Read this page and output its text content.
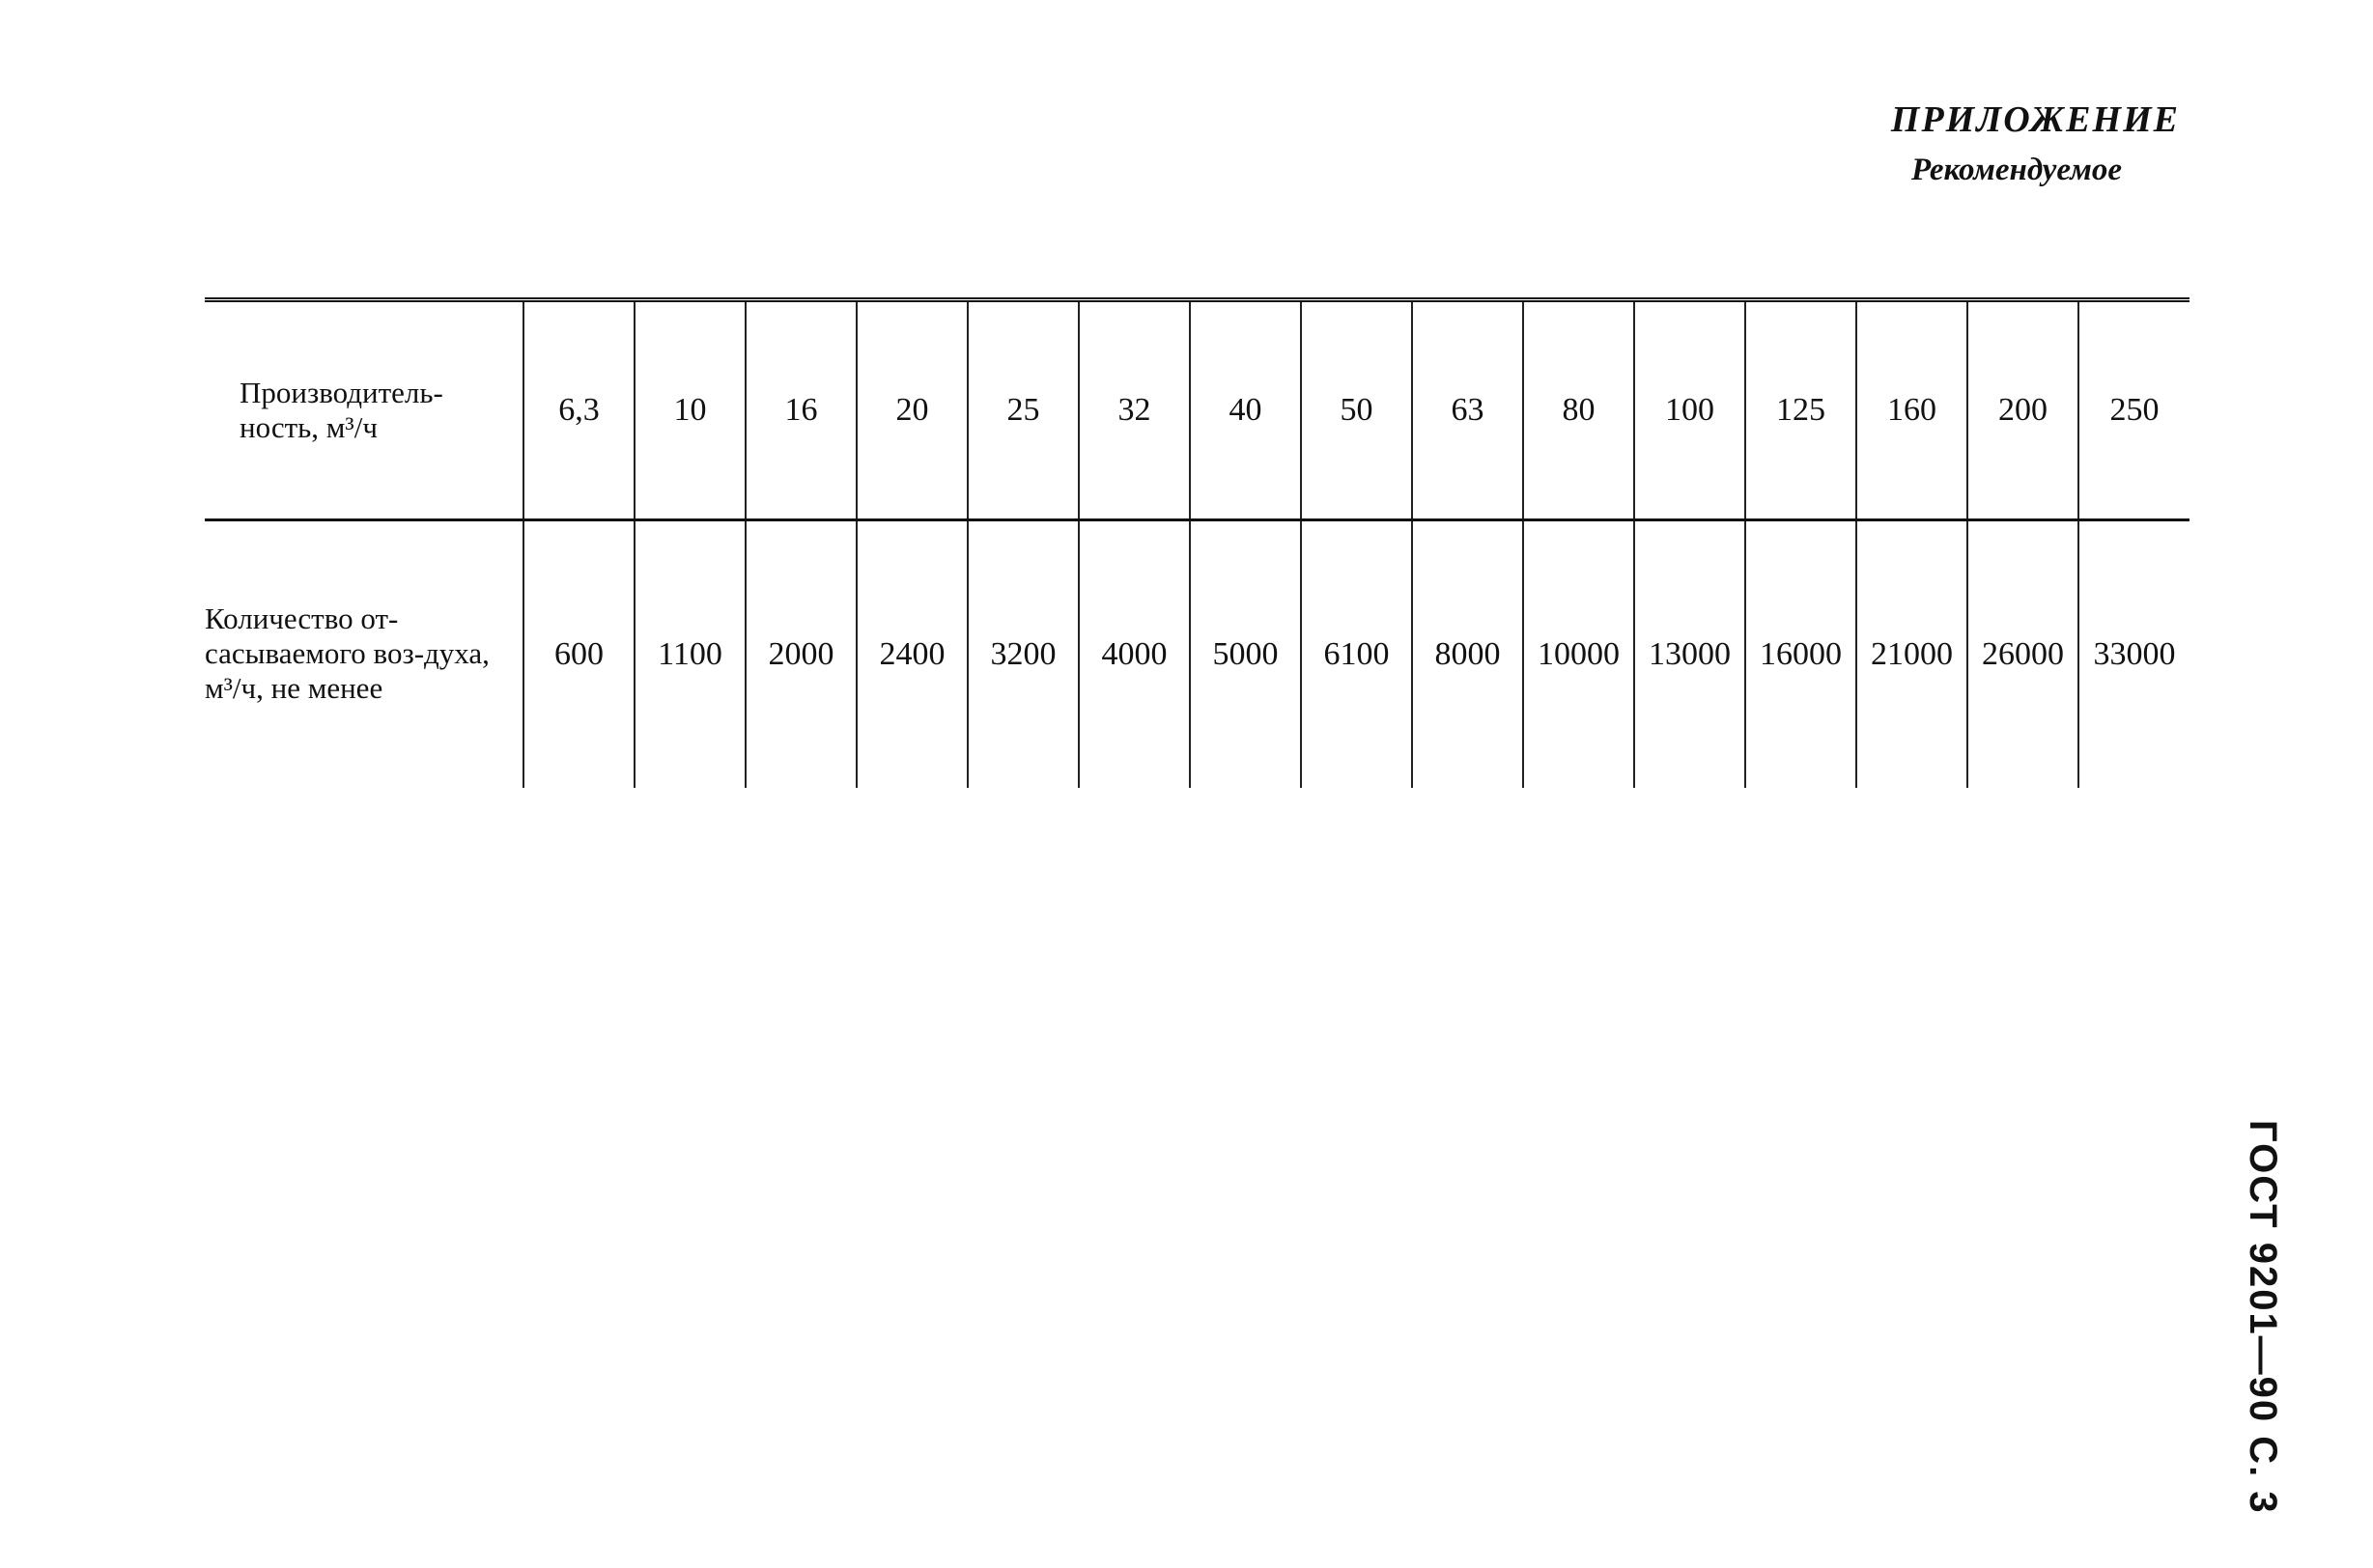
ПРИЛОЖЕНИЕ
Рекомендуемое
Производитель-ность, м³/ч	6,3	10	16	20	25	32	40	50	63	80	100	125	160	200	250
Количество от-сасываемого воз-духа, м³/ч, не менее	600	1100	2000	2400	3200	4000	5000	6100	8000	10000	13000	16000	21000	26000	33000
ГОСТ 9201—90 С. 3
